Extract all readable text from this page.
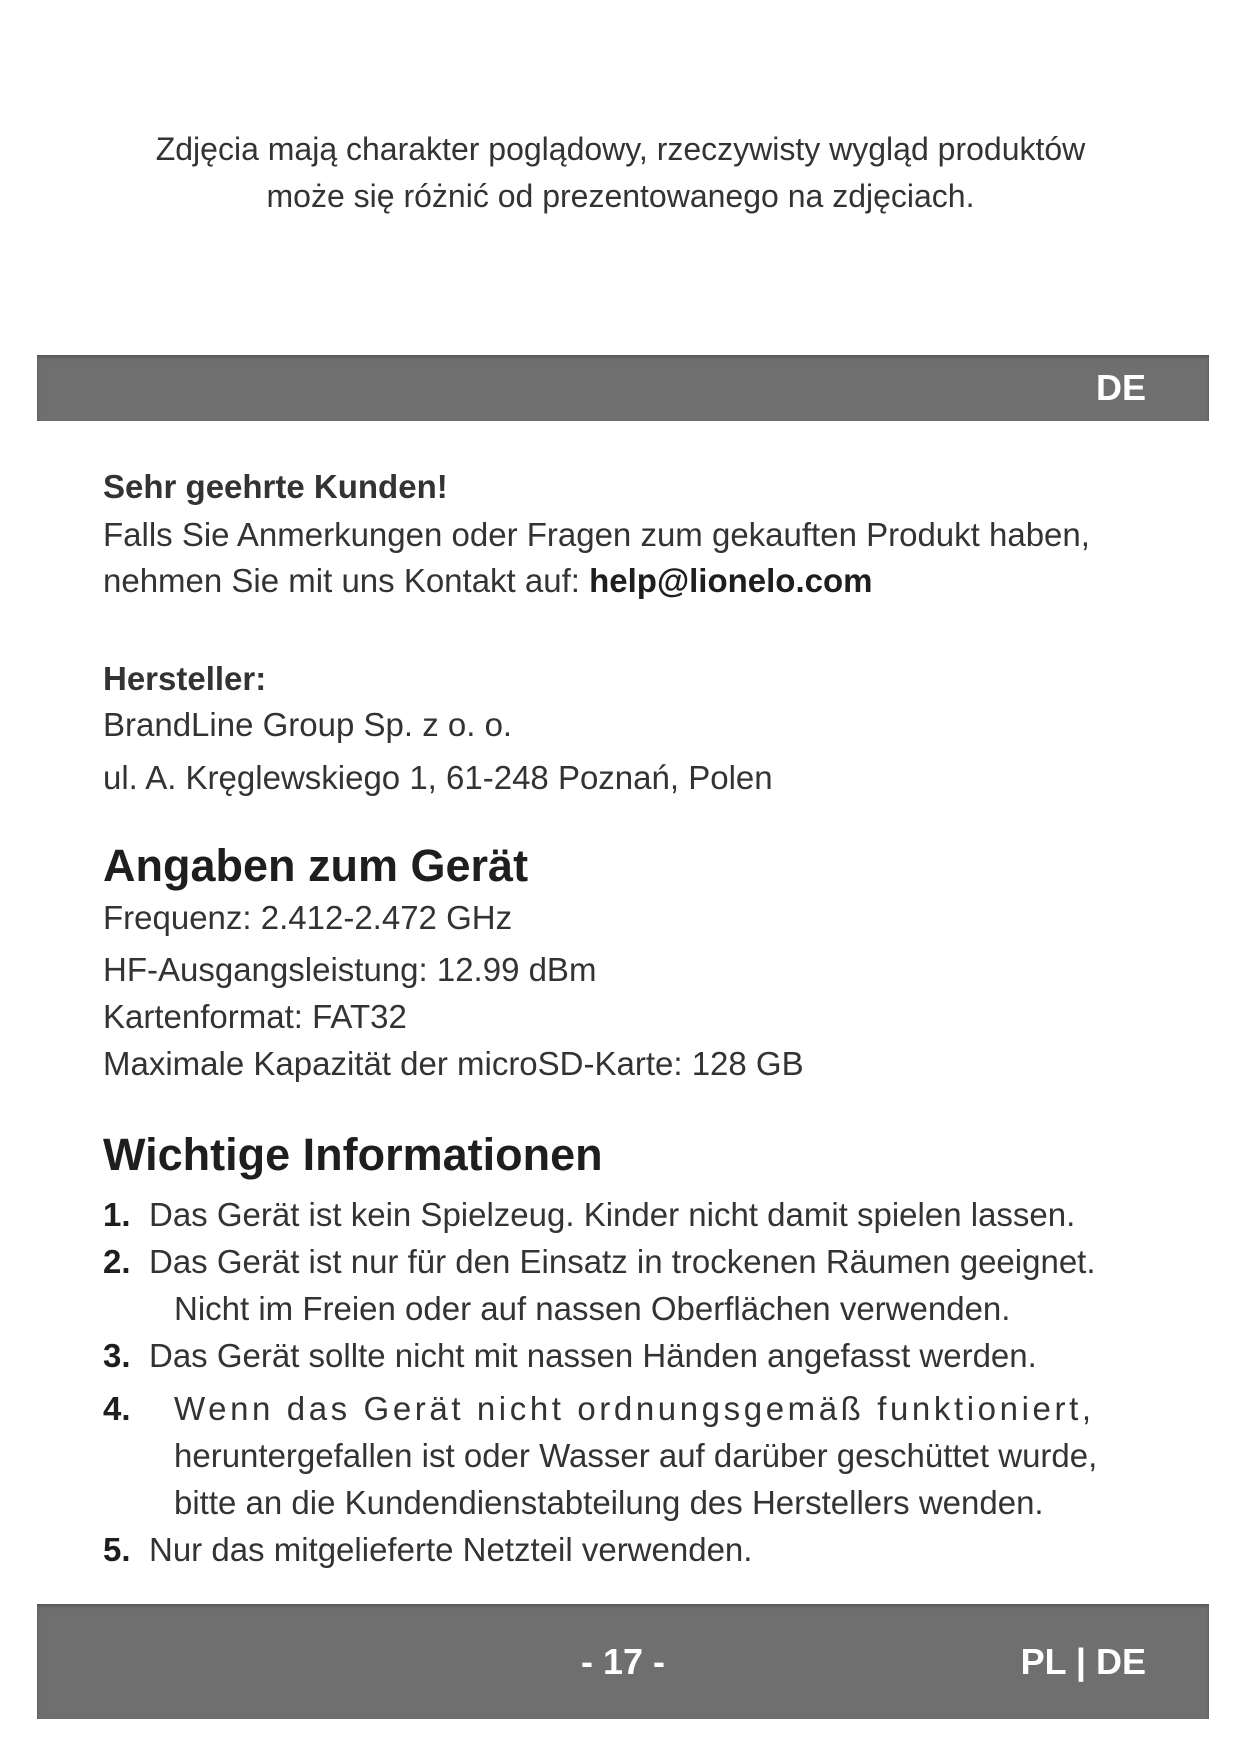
Zdjęcia mają charakter poglądowy, rzeczywisty wygląd produktów
może się różnić od prezentowanego na zdjęciach.
DE
Sehr geehrte Kunden!
Falls Sie Anmerkungen oder Fragen zum gekauften Produkt haben,
nehmen Sie mit uns Kontakt auf: help@lionelo.com
Hersteller:
BrandLine Group Sp. z o. o.
ul. A. Kręglewskiego 1, 61-248 Poznań, Polen
Angaben zum Gerät
Frequenz: 2.412-2.472 GHz
HF-Ausgangsleistung: 12.99 dBm
Kartenformat: FAT32
Maximale Kapazität der microSD-Karte: 128 GB
Wichtige Informationen
1. Das Gerät ist kein Spielzeug. Kinder nicht damit spielen lassen.
2. Das Gerät ist nur für den Einsatz in trockenen Räumen geeignet.
Nicht im Freien oder auf nassen Oberflächen verwenden.
3. Das Gerät sollte nicht mit nassen Händen angefasst werden.
4. Wenn das Gerät nicht ordnungsgemäß funktioniert,
heruntergefallen ist oder Wasser auf darüber geschüttet wurde,
bitte an die Kundendienstabteilung des Herstellers wenden.
5. Nur das mitgelieferte Netzteil verwenden.
- 17 -	PL | DE
